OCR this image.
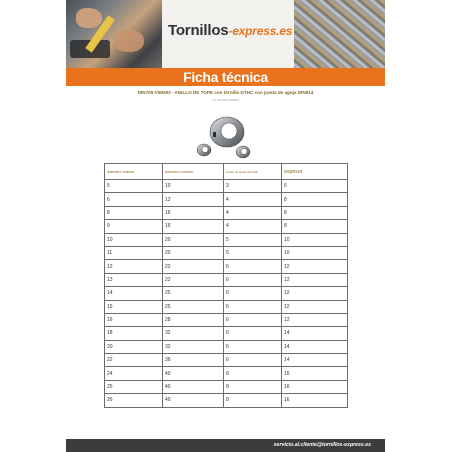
Tornillos-express.es
Ficha técnica
DIN705-V58293 - ANILLO DE TOPE con tornillo DTHC con punta de aguja DIN914
ref: DIN705-V58293
diámetro interior	diámetro exterior	tornillo de ajuste del anillo	espesor
5	10	3	6
6	12	4	8
8	16	4	8
9	16	4	8
10	20	5	10
11	20	5	10
12	22	6	12
13	22	6	12
14	25	6	12
15	25	6	12
16	28	6	12
18	32	6	14
20	32	6	14
22	36	6	14
24	40	8	16
25	40	8	16
26	40	8	16
servicio.al.cliente@tornillos-express.es
